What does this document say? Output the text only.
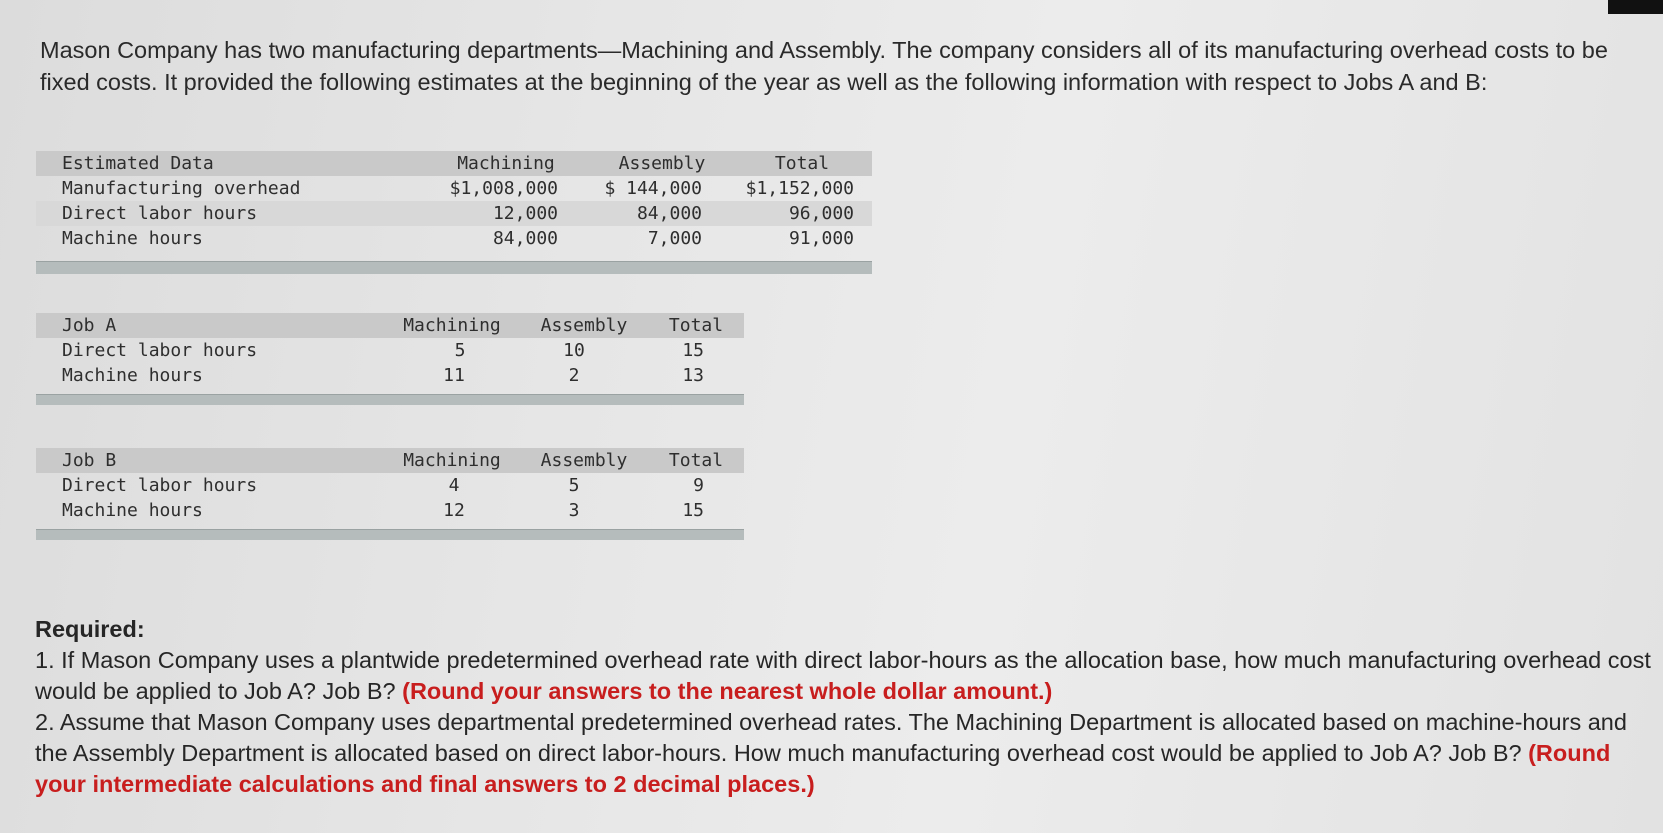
Mason Company has two manufacturing departments—Machining and Assembly. The company considers all of its manufacturing overhead costs to be fixed costs. It provided the following estimates at the beginning of the year as well as the following information with respect to Jobs A and B:

Estimated Data	Machining	Assembly	Total
Manufacturing overhead	$1,008,000	$ 144,000	$1,152,000
Direct labor hours	12,000	84,000	96,000
Machine hours	84,000	7,000	91,000
Job A	Machining	Assembly	Total
Direct labor hours	5	10	15
Machine hours	11	2	13
Job B	Machining	Assembly	Total
Direct labor hours	4	5	9
Machine hours	12	3	15
Required:
1. If Mason Company uses a plantwide predetermined overhead rate with direct labor-hours as the allocation base, how much manufacturing overhead cost would be applied to Job A? Job B? (Round your answers to the nearest whole dollar amount.)
2. Assume that Mason Company uses departmental predetermined overhead rates. The Machining Department is allocated based on machine-hours and the Assembly Department is allocated based on direct labor-hours. How much manufacturing overhead cost would be applied to Job A? Job B? (Round your intermediate calculations and final answers to 2 decimal places.)
